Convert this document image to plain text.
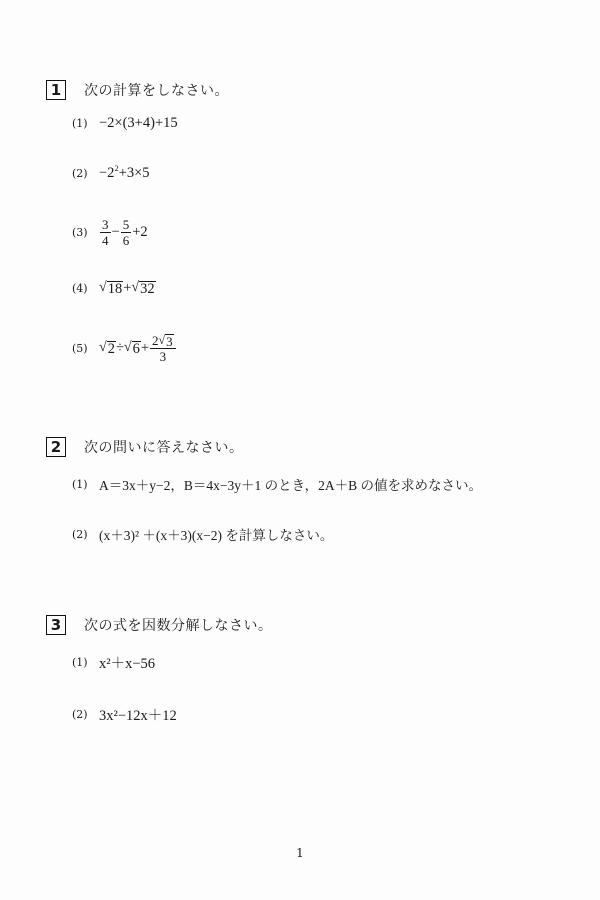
1	次の計算をしなさい。
(1) −2×(3+4)+15
$(2) -2^2+3\times 5$
$(3) \frac{3}{4} - \frac{5}{6} +2$
(4) √ 18 + √ 32
(5) √ 2 ÷ √ $6 + \frac{2 √ 3}{3}$
2	次の問いに答えなさい。
(1) A＝3x＋y−2，B＝4x−3y＋1 のとき，2A＋B の値を求めなさい。
(2) (x＋3)² ＋(x＋3)(x−2) を計算しなさい。
3	次の式を因数分解しなさい。
(1) x²＋x−56
(2) 3x²−12x＋12
1
